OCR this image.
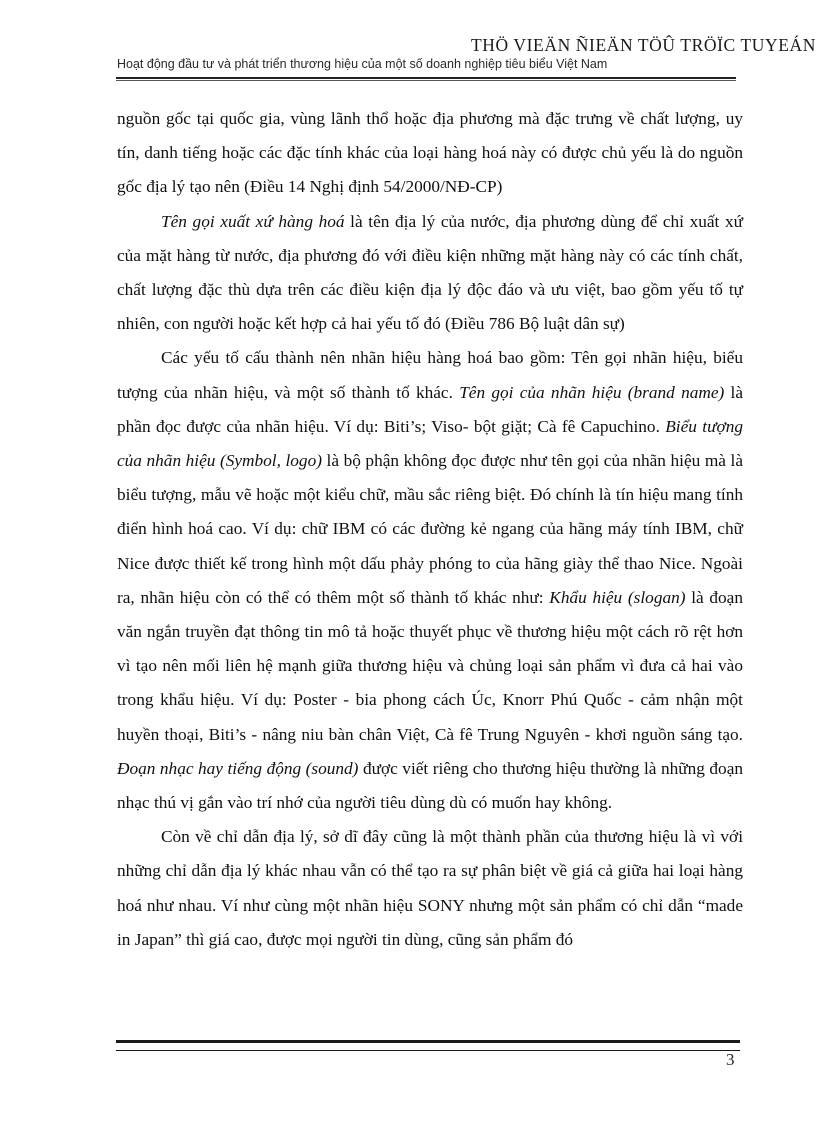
THÖ VIEÄN ÑIEÄN TÖÛ TRÖÏC TUYEÁN
Hoạt động đầu tư và phát triển thương hiệu của một số doanh nghiệp tiêu biểu Việt Nam

nguồn gốc tại quốc gia, vùng lãnh thổ hoặc địa phương mà đặc trưng về chất lượng, uy tín, danh tiếng hoặc các đặc tính khác của loại hàng hoá này có được chủ yếu là do nguồn gốc địa lý tạo nên (Điều 14 Nghị định 54/2000/NĐ-CP)

Tên gọi xuất xứ hàng hoá là tên địa lý của nước, địa phương dùng để chỉ xuất xứ của mặt hàng từ nước, địa phương đó với điều kiện những mặt hàng này có các tính chất, chất lượng đặc thù dựa trên các điều kiện địa lý độc đáo và ưu việt, bao gồm yếu tố tự nhiên, con người hoặc kết hợp cả hai yếu tố đó (Điều 786 Bộ luật dân sự)

Các yếu tố cấu thành nên nhãn hiệu hàng hoá bao gồm: Tên gọi nhãn hiệu, biểu tượng của nhãn hiệu, và một số thành tố khác. Tên gọi của nhãn hiệu (brand name) là phần đọc được của nhãn hiệu. Ví dụ: Biti’s; Viso- bột giặt; Cà fê Capuchino. Biểu tượng của nhãn hiệu (Symbol, logo) là bộ phận không đọc được như tên gọi của nhãn hiệu mà là biểu tượng, mẫu vẽ hoặc một kiểu chữ, mầu sắc riêng biệt. Đó chính là tín hiệu mang tính điển hình hoá cao. Ví dụ: chữ IBM có các đường kẻ ngang của hãng máy tính IBM, chữ Nice được thiết kế trong hình một dấu phảy phóng to của hãng giày thể thao Nice. Ngoài ra, nhãn hiệu còn có thể có thêm một số thành tố khác như: Khẩu hiệu (slogan) là đoạn văn ngắn truyền đạt thông tin mô tả hoặc thuyết phục về thương hiệu một cách rõ rệt hơn vì tạo nên mối liên hệ mạnh giữa thương hiệu và chủng loại sản phẩm vì đưa cả hai vào trong khẩu hiệu. Ví dụ: Poster - bia phong cách Úc, Knorr Phú Quốc - cảm nhận một huyền thoại, Biti’s - nâng niu bàn chân Việt, Cà fê Trung Nguyên - khơi nguồn sáng tạo. Đoạn nhạc hay tiếng động (sound) được viết riêng cho thương hiệu thường là những đoạn nhạc thú vị gắn vào trí nhớ của người tiêu dùng dù có muốn hay không.

Còn về chỉ dẫn địa lý, sở dĩ đây cũng là một thành phần của thương hiệu là vì với những chỉ dẫn địa lý khác nhau vẫn có thể tạo ra sự phân biệt về giá cả giữa hai loại hàng hoá như nhau. Ví như cùng một nhãn hiệu SONY nhưng một sản phẩm có chỉ dẫn “made in Japan” thì giá cao, được mọi người tin dùng, cũng sản phẩm đó

3
